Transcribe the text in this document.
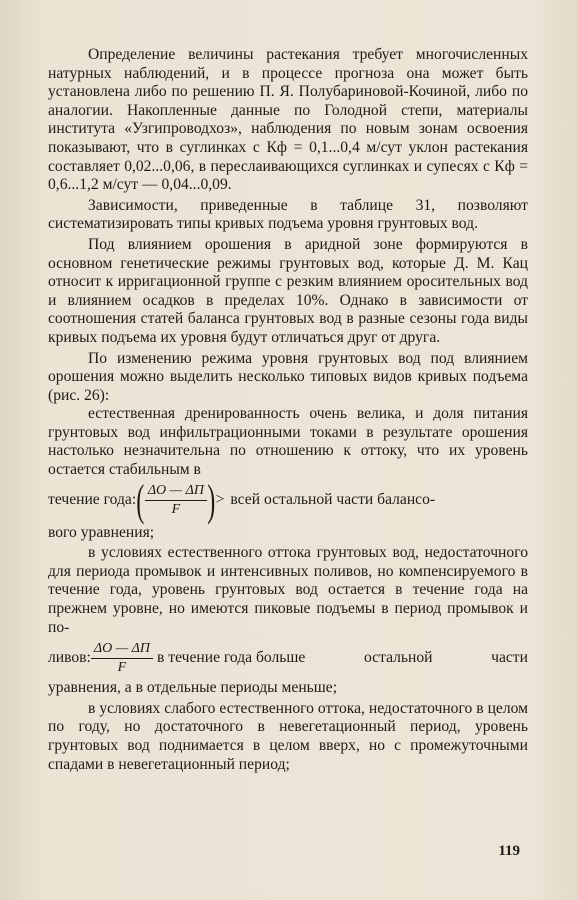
Определение величины растекания требует многочисленных натурных наблюдений, и в процессе прогноза она может быть установлена либо по решению П. Я. Полубариновой-Кочиной, либо по аналогии. Накопленные данные по Голодной степи, материалы института «Узгипроводхоз», наблюдения по новым зонам освоения показывают, что в суглинках с Кф = 0,1...0,4 м/сут уклон растекания составляет 0,02...0,06, в переслаивающихся суглинках и супесях с Кф = 0,6...1,2 м/сут — 0,04...0,09.

Зависимости, приведенные в таблице 31, позволяют систематизировать типы кривых подъема уровня грунтовых вод.

Под влиянием орошения в аридной зоне формируются в основном генетические режимы грунтовых вод, которые Д. М. Кац относит к ирригационной группе с резким влиянием оросительных вод и влиянием осадков в пределах 10%. Однако в зависимости от соотношения статей баланса грунтовых вод в разные сезоны года виды кривых подъема их уровня будут отличаться друг от друга.

По изменению режима уровня грунтовых вод под влиянием орошения можно выделить несколько типовых видов кривых подъема (рис. 26):

естественная дренированность очень велика, и доля питания грунтовых вод инфильтрационными токами в результате орошения настолько незначительна по отношению к оттоку, что их уровень остается стабильным в

течение года: ( $\frac{\Delta O — \Delta П}{F}$ ) > всей остальной части балансо-

вого уравнения;

в условиях естественного оттока грунтовых вод, недостаточного для периода промывок и интенсивных поливов, но компенсируемого в течение года, уровень грунтовых вод остается в течение года на прежнем уровне, но имеются пиковые подъемы в период промывок и по-

ливов: $\frac{\Delta O — \Delta П}{F}$ в течение года больше	остальной	части

уравнения, а в отдельные периоды меньше;

в условиях слабого естественного оттока, недостаточного в целом по году, но достаточного в невегетационный период, уровень грунтовых вод поднимается в целом вверх, но с промежуточными спадами в невегетационный период;

119
